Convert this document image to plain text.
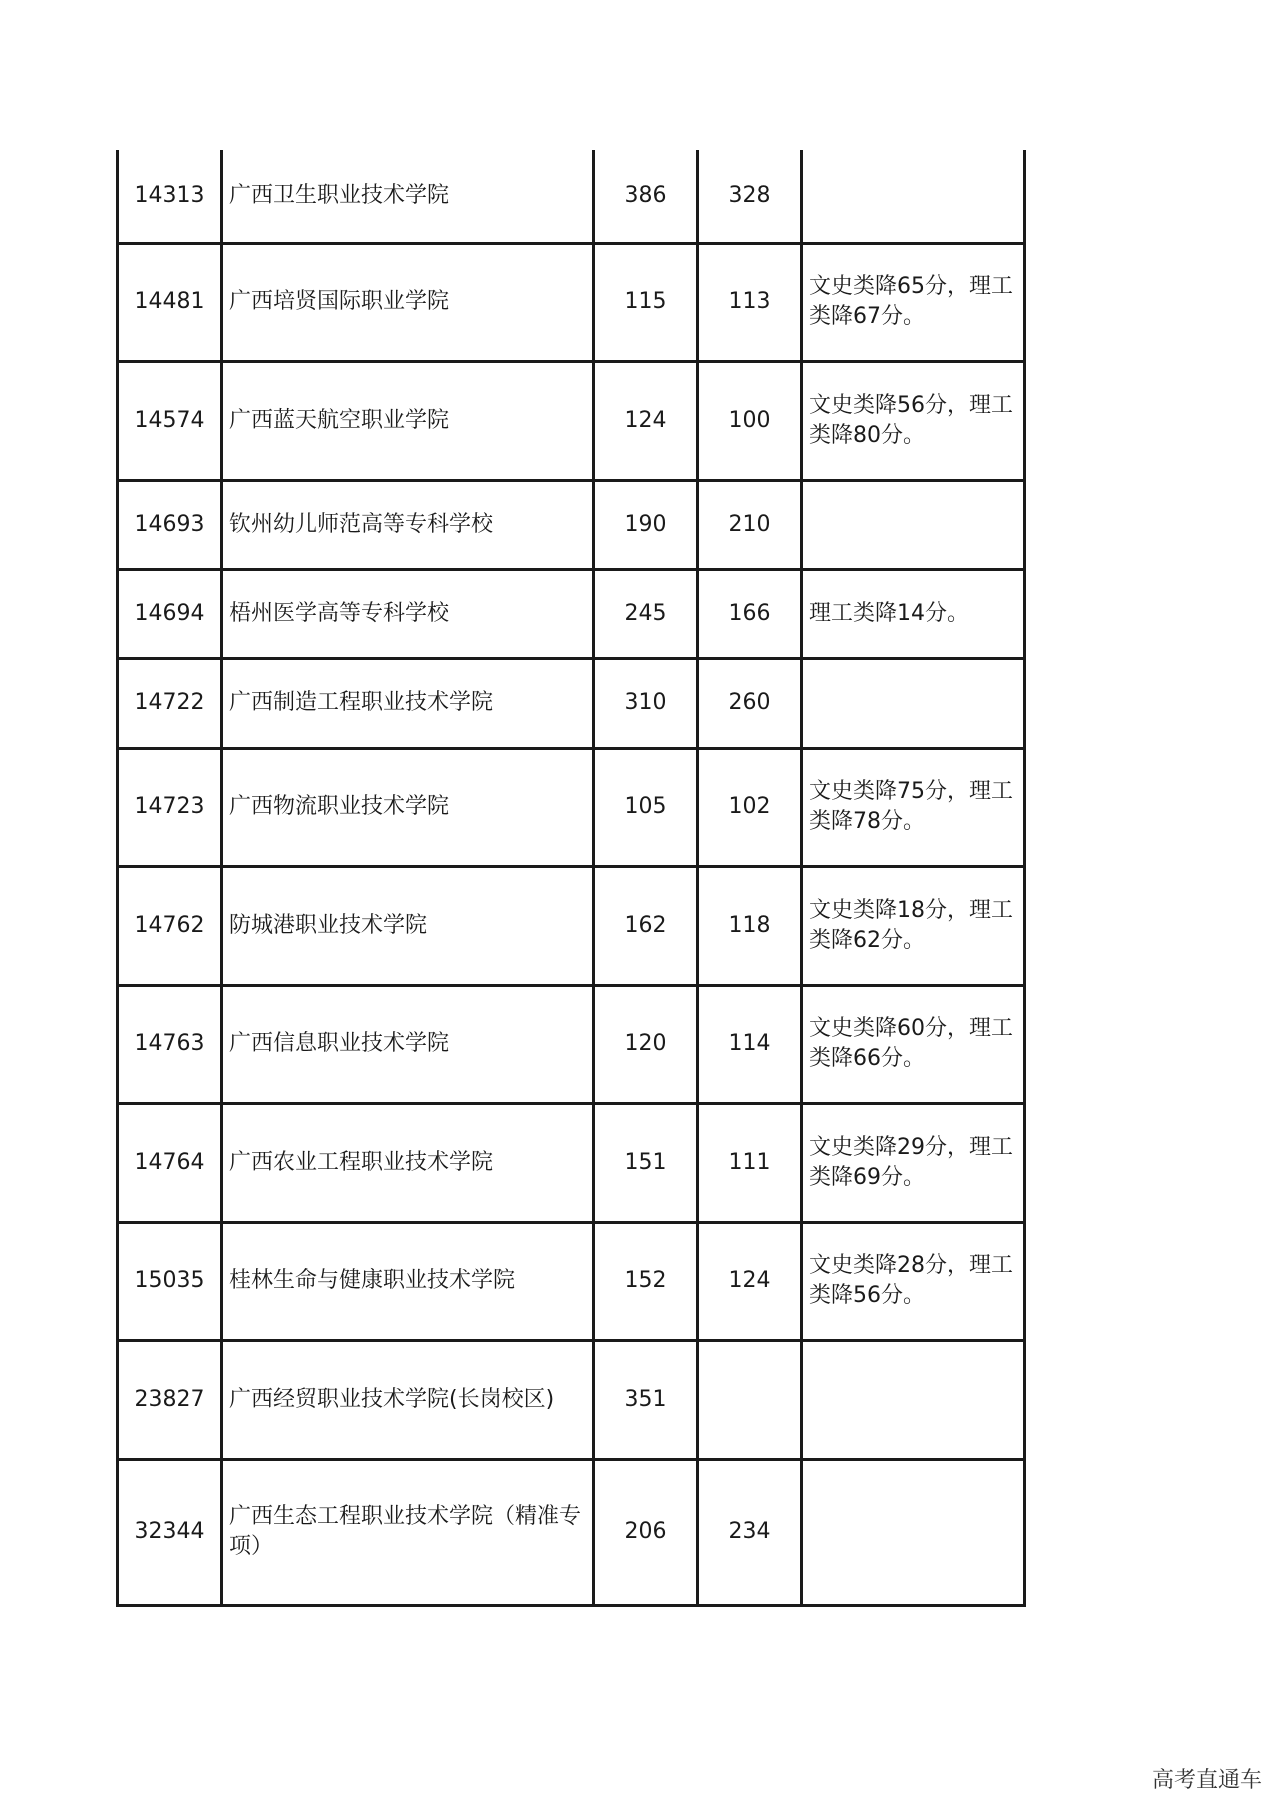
14313	广西卫生职业技术学院	386	328	
14481	广西培贤国际职业学院	115	113	文史类降65分，理工类降67分。
14574	广西蓝天航空职业学院	124	100	文史类降56分，理工类降80分。
14693	钦州幼儿师范高等专科学校	190	210	
14694	梧州医学高等专科学校	245	166	理工类降14分。
14722	广西制造工程职业技术学院	310	260	
14723	广西物流职业技术学院	105	102	文史类降75分，理工类降78分。
14762	防城港职业技术学院	162	118	文史类降18分，理工类降62分。
14763	广西信息职业技术学院	120	114	文史类降60分，理工类降66分。
14764	广西农业工程职业技术学院	151	111	文史类降29分，理工类降69分。
15035	桂林生命与健康职业技术学院	152	124	文史类降28分，理工类降56分。
23827	广西经贸职业技术学院(长岗校区)	351		
32344	广西生态工程职业技术学院（精准专项）	206	234	
高考直通车
